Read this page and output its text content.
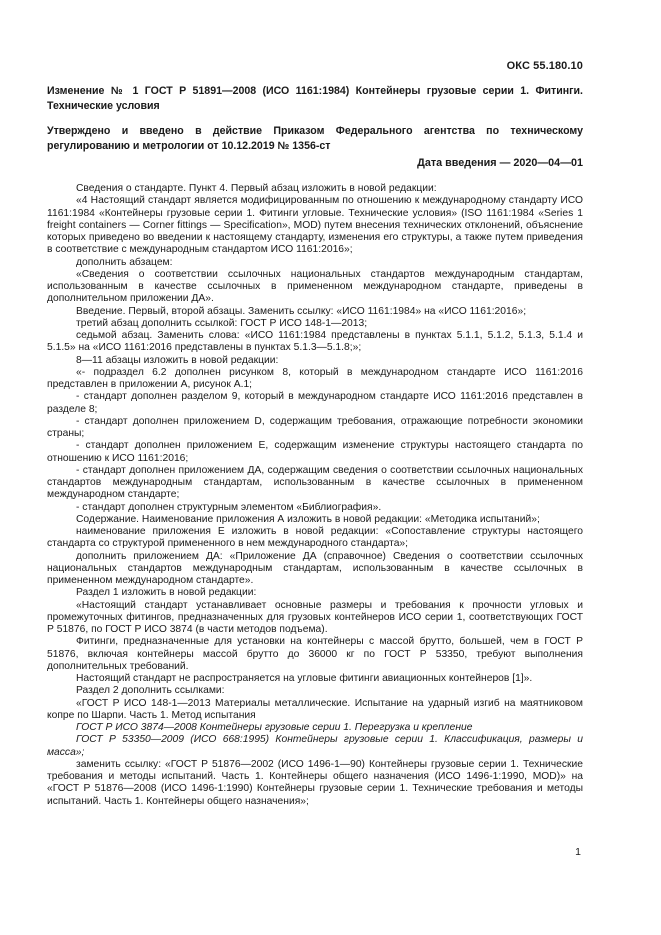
ОКС 55.180.10
Изменение № 1 ГОСТ Р 51891—2008 (ИСО 1161:1984) Контейнеры грузовые серии 1. Фитинги. Технические условия
Утверждено и введено в действие Приказом Федерального агентства по техническому регулированию и метрологии от 10.12.2019 № 1356-ст
Дата введения — 2020—04—01

Сведения о стандарте. Пункт 4. Первый абзац изложить в новой редакции:

«4 Настоящий стандарт является модифицированным по отношению к международному стандарту ИСО 1161:1984 «Контейнеры грузовые серии 1. Фитинги угловые. Технические условия» (ISO 1161:1984 «Series 1 freight containers — Corner fittings — Specification», MOD) путем внесения технических отклонений, объяснение которых приведено во введении к настоящему стандарту, изменения его структуры, а также путем приведения в соответствие с международным стандартом ИСО 1161:2016»;

дополнить абзацем:

«Сведения о соответствии ссылочных национальных стандартов международным стандартам, использованным в качестве ссылочных в примененном международном стандарте, приведены в дополнительном приложении ДА».

Введение. Первый, второй абзацы. Заменить ссылку: «ИСО 1161:1984» на «ИСО 1161:2016»;

третий абзац дополнить ссылкой: ГОСТ Р ИСО 148-1—2013;

седьмой абзац. Заменить слова: «ИСО 1161:1984 представлены в пунктах 5.1.1, 5.1.2, 5.1.3, 5.1.4 и 5.1.5» на «ИСО 1161:2016 представлены в пунктах 5.1.3—5.1.8;»;

8—11 абзацы изложить в новой редакции:

«- подраздел 6.2 дополнен рисунком 8, который в международном стандарте ИСО 1161:2016 представлен в приложении А, рисунок А.1;

- стандарт дополнен разделом 9, который в международном стандарте ИСО 1161:2016 представлен в разделе 8;

- стандарт дополнен приложением D, содержащим требования, отражающие потребности экономики страны;

- стандарт дополнен приложением Е, содержащим изменение структуры настоящего стандарта по отношению к ИСО 1161:2016;

- стандарт дополнен приложением ДА, содержащим сведения о соответствии ссылочных национальных стандартов международным стандартам, использованным в качестве ссылочных в примененном международном стандарте;

- стандарт дополнен структурным элементом «Библиография».

Содержание. Наименование приложения А изложить в новой редакции: «Методика испытаний»;

наименование приложения Е изложить в новой редакции: «Сопоставление структуры настоящего стандарта со структурой примененного в нем международного стандарта»;

дополнить приложением ДА: «Приложение ДА (справочное) Сведения о соответствии ссылочных национальных стандартов международным стандартам, использованным в качестве ссылочных в примененном международном стандарте».

Раздел 1 изложить в новой редакции:

«Настоящий стандарт устанавливает основные размеры и требования к прочности угловых и промежуточных фитингов, предназначенных для грузовых контейнеров ИСО серии 1, соответствующих ГОСТ Р 51876, по ГОСТ Р ИСО 3874 (в части методов подъема).

Фитинги, предназначенные для установки на контейнеры с массой брутто, большей, чем в ГОСТ Р 51876, включая контейнеры массой брутто до 36000 кг по ГОСТ Р 53350, требуют выполнения дополнительных требований.

Настоящий стандарт не распространяется на угловые фитинги авиационных контейнеров [1]».

Раздел 2 дополнить ссылками:

«ГОСТ Р ИСО 148-1—2013 Материалы металлические. Испытание на ударный изгиб на маятниковом копре по Шарпи. Часть 1. Метод испытания

ГОСТ Р ИСО 3874—2008 Контейнеры грузовые серии 1. Перегрузка и крепление

ГОСТ Р 53350—2009 (ИСО 668:1995) Контейнеры грузовые серии 1. Классификация, размеры и масса»;

заменить ссылку: «ГОСТ Р 51876—2002 (ИСО 1496-1—90) Контейнеры грузовые серии 1. Технические требования и методы испытаний. Часть 1. Контейнеры общего назначения (ИСО 1496-1:1990, MOD)» на «ГОСТ Р 51876—2008 (ИСО 1496-1:1990) Контейнеры грузовые серии 1. Технические требования и методы испытаний. Часть 1. Контейнеры общего назначения»;

1
